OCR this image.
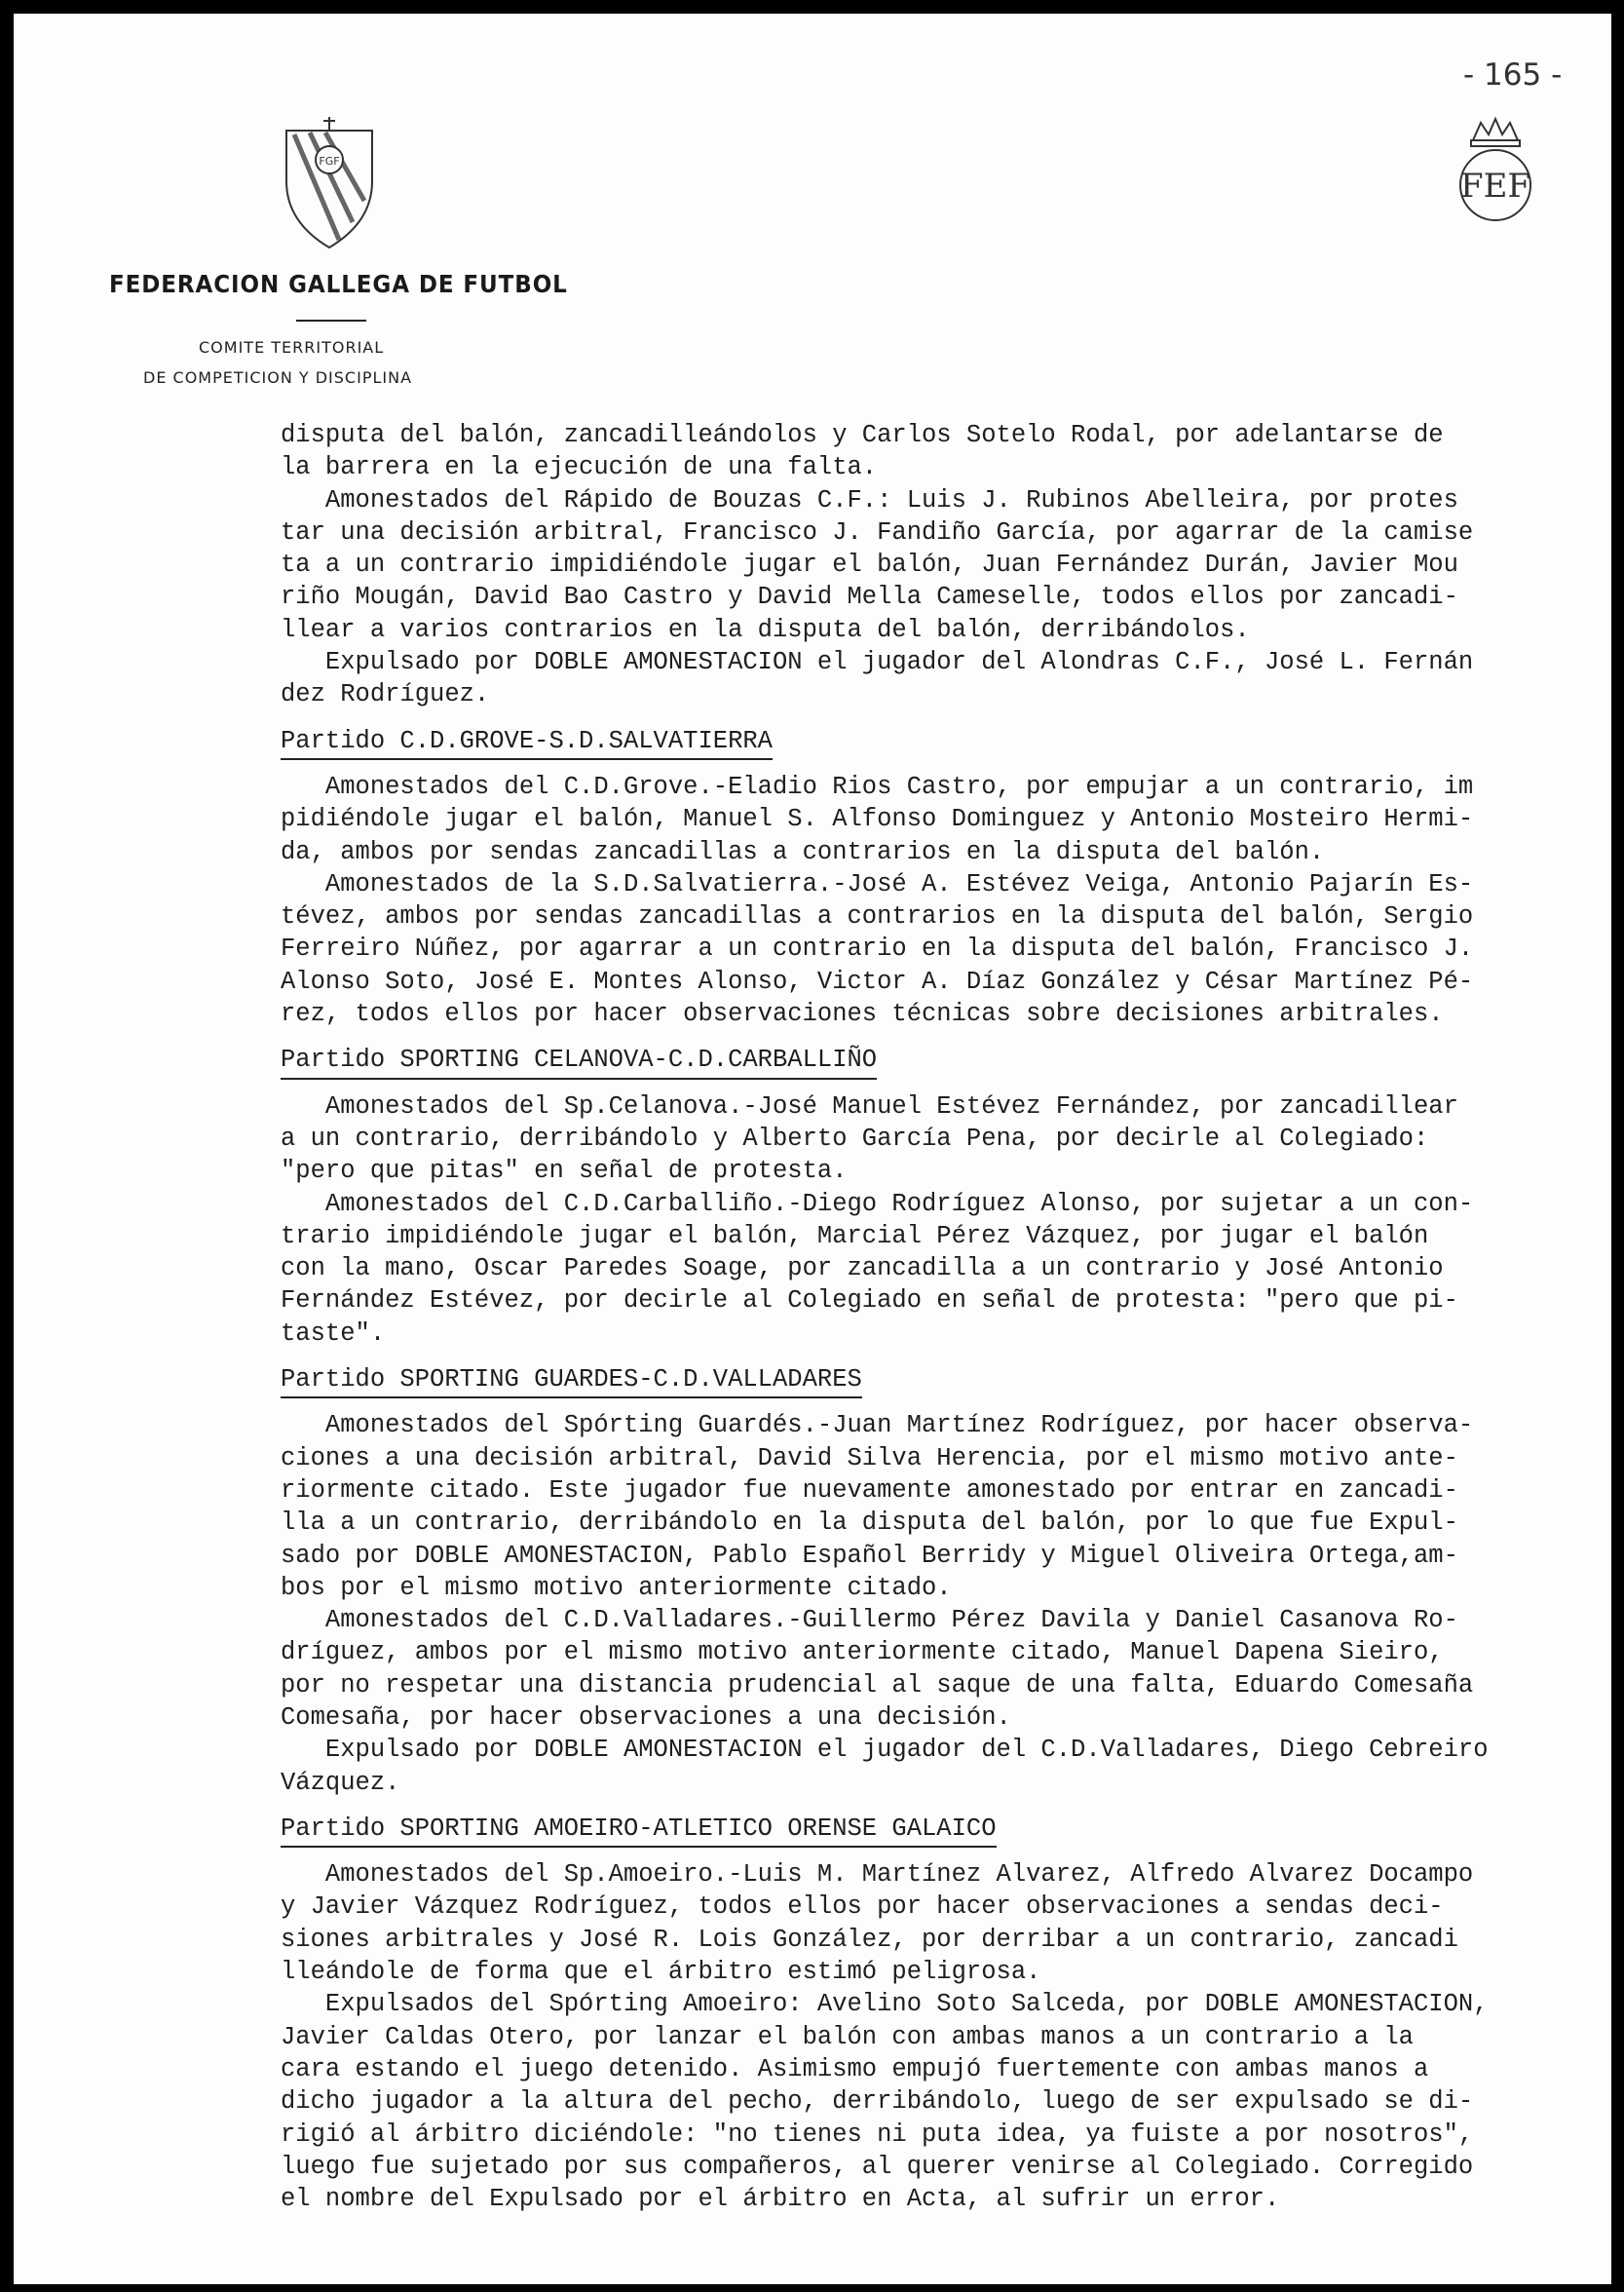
- 165 -
FGF
FEF
FEDERACION GALLEGA DE FUTBOL
COMITE TERRITORIAL
DE COMPETICION Y DISCIPLINA
disputa del balón, zancadilleándolos y Carlos Sotelo Rodal, por adelantarse de
la barrera en la ejecución de una falta.
Amonestados del Rápido de Bouzas C.F.: Luis J. Rubinos Abelleira, por protes
tar una decisión arbitral, Francisco J. Fandiño García, por agarrar de la camise
ta a un contrario impidiéndole jugar el balón, Juan Fernández Durán, Javier Mou
riño Mougán, David Bao Castro y David Mella Cameselle, todos ellos por zancadi-
llear a varios contrarios en la disputa del balón, derribándolos.
Expulsado por DOBLE AMONESTACION el jugador del Alondras C.F., José L. Fernán
dez Rodríguez.
Partido C.D.GROVE-S.D.SALVATIERRA
Amonestados del C.D.Grove.-Eladio Rios Castro, por empujar a un contrario, im
pidiéndole jugar el balón, Manuel S. Alfonso Dominguez y Antonio Mosteiro Hermi-
da, ambos por sendas zancadillas a contrarios en la disputa del balón.
Amonestados de la S.D.Salvatierra.-José A. Estévez Veiga, Antonio Pajarín Es-
tévez, ambos por sendas zancadillas a contrarios en la disputa del balón, Sergio
Ferreiro Núñez, por agarrar a un contrario en la disputa del balón, Francisco J.
Alonso Soto, José E. Montes Alonso, Victor A. Díaz González y César Martínez Pé-
rez, todos ellos por hacer observaciones técnicas sobre decisiones arbitrales.
Partido SPORTING CELANOVA-C.D.CARBALLIÑO
Amonestados del Sp.Celanova.-José Manuel Estévez Fernández, por zancadillear
a un contrario, derribándolo y Alberto García Pena, por decirle al Colegiado:
"pero que pitas" en señal de protesta.
Amonestados del C.D.Carballiño.-Diego Rodríguez Alonso, por sujetar a un con-
trario impidiéndole jugar el balón, Marcial Pérez Vázquez, por jugar el balón
con la mano, Oscar Paredes Soage, por zancadilla a un contrario y José Antonio
Fernández Estévez, por decirle al Colegiado en señal de protesta: "pero que pi-
taste".
Partido SPORTING GUARDES-C.D.VALLADARES
Amonestados del Spórting Guardés.-Juan Martínez Rodríguez, por hacer observa-
ciones a una decisión arbitral, David Silva Herencia, por el mismo motivo ante-
riormente citado. Este jugador fue nuevamente amonestado por entrar en zancadi-
lla a un contrario, derribándolo en la disputa del balón, por lo que fue Expul-
sado por DOBLE AMONESTACION, Pablo Español Berridy y Miguel Oliveira Ortega,am-
bos por el mismo motivo anteriormente citado.
Amonestados del C.D.Valladares.-Guillermo Pérez Davila y Daniel Casanova Ro-
dríguez, ambos por el mismo motivo anteriormente citado, Manuel Dapena Sieiro,
por no respetar una distancia prudencial al saque de una falta, Eduardo Comesaña
Comesaña, por hacer observaciones a una decisión.
Expulsado por DOBLE AMONESTACION el jugador del C.D.Valladares, Diego Cebreiro
Vázquez.
Partido SPORTING AMOEIRO-ATLETICO ORENSE GALAICO
Amonestados del Sp.Amoeiro.-Luis M. Martínez Alvarez, Alfredo Alvarez Docampo
y Javier Vázquez Rodríguez, todos ellos por hacer observaciones a sendas deci-
siones arbitrales y José R. Lois González, por derribar a un contrario, zancadi
lleándole de forma que el árbitro estimó peligrosa.
Expulsados del Spórting Amoeiro: Avelino Soto Salceda, por DOBLE AMONESTACION,
Javier Caldas Otero, por lanzar el balón con ambas manos a un contrario a la
cara estando el juego detenido. Asimismo empujó fuertemente con ambas manos a
dicho jugador a la altura del pecho, derribándolo, luego de ser expulsado se di-
rigió al árbitro diciéndole: "no tienes ni puta idea, ya fuiste a por nosotros",
luego fue sujetado por sus compañeros, al querer venirse al Colegiado. Corregido
el nombre del Expulsado por el árbitro en Acta, al sufrir un error.
